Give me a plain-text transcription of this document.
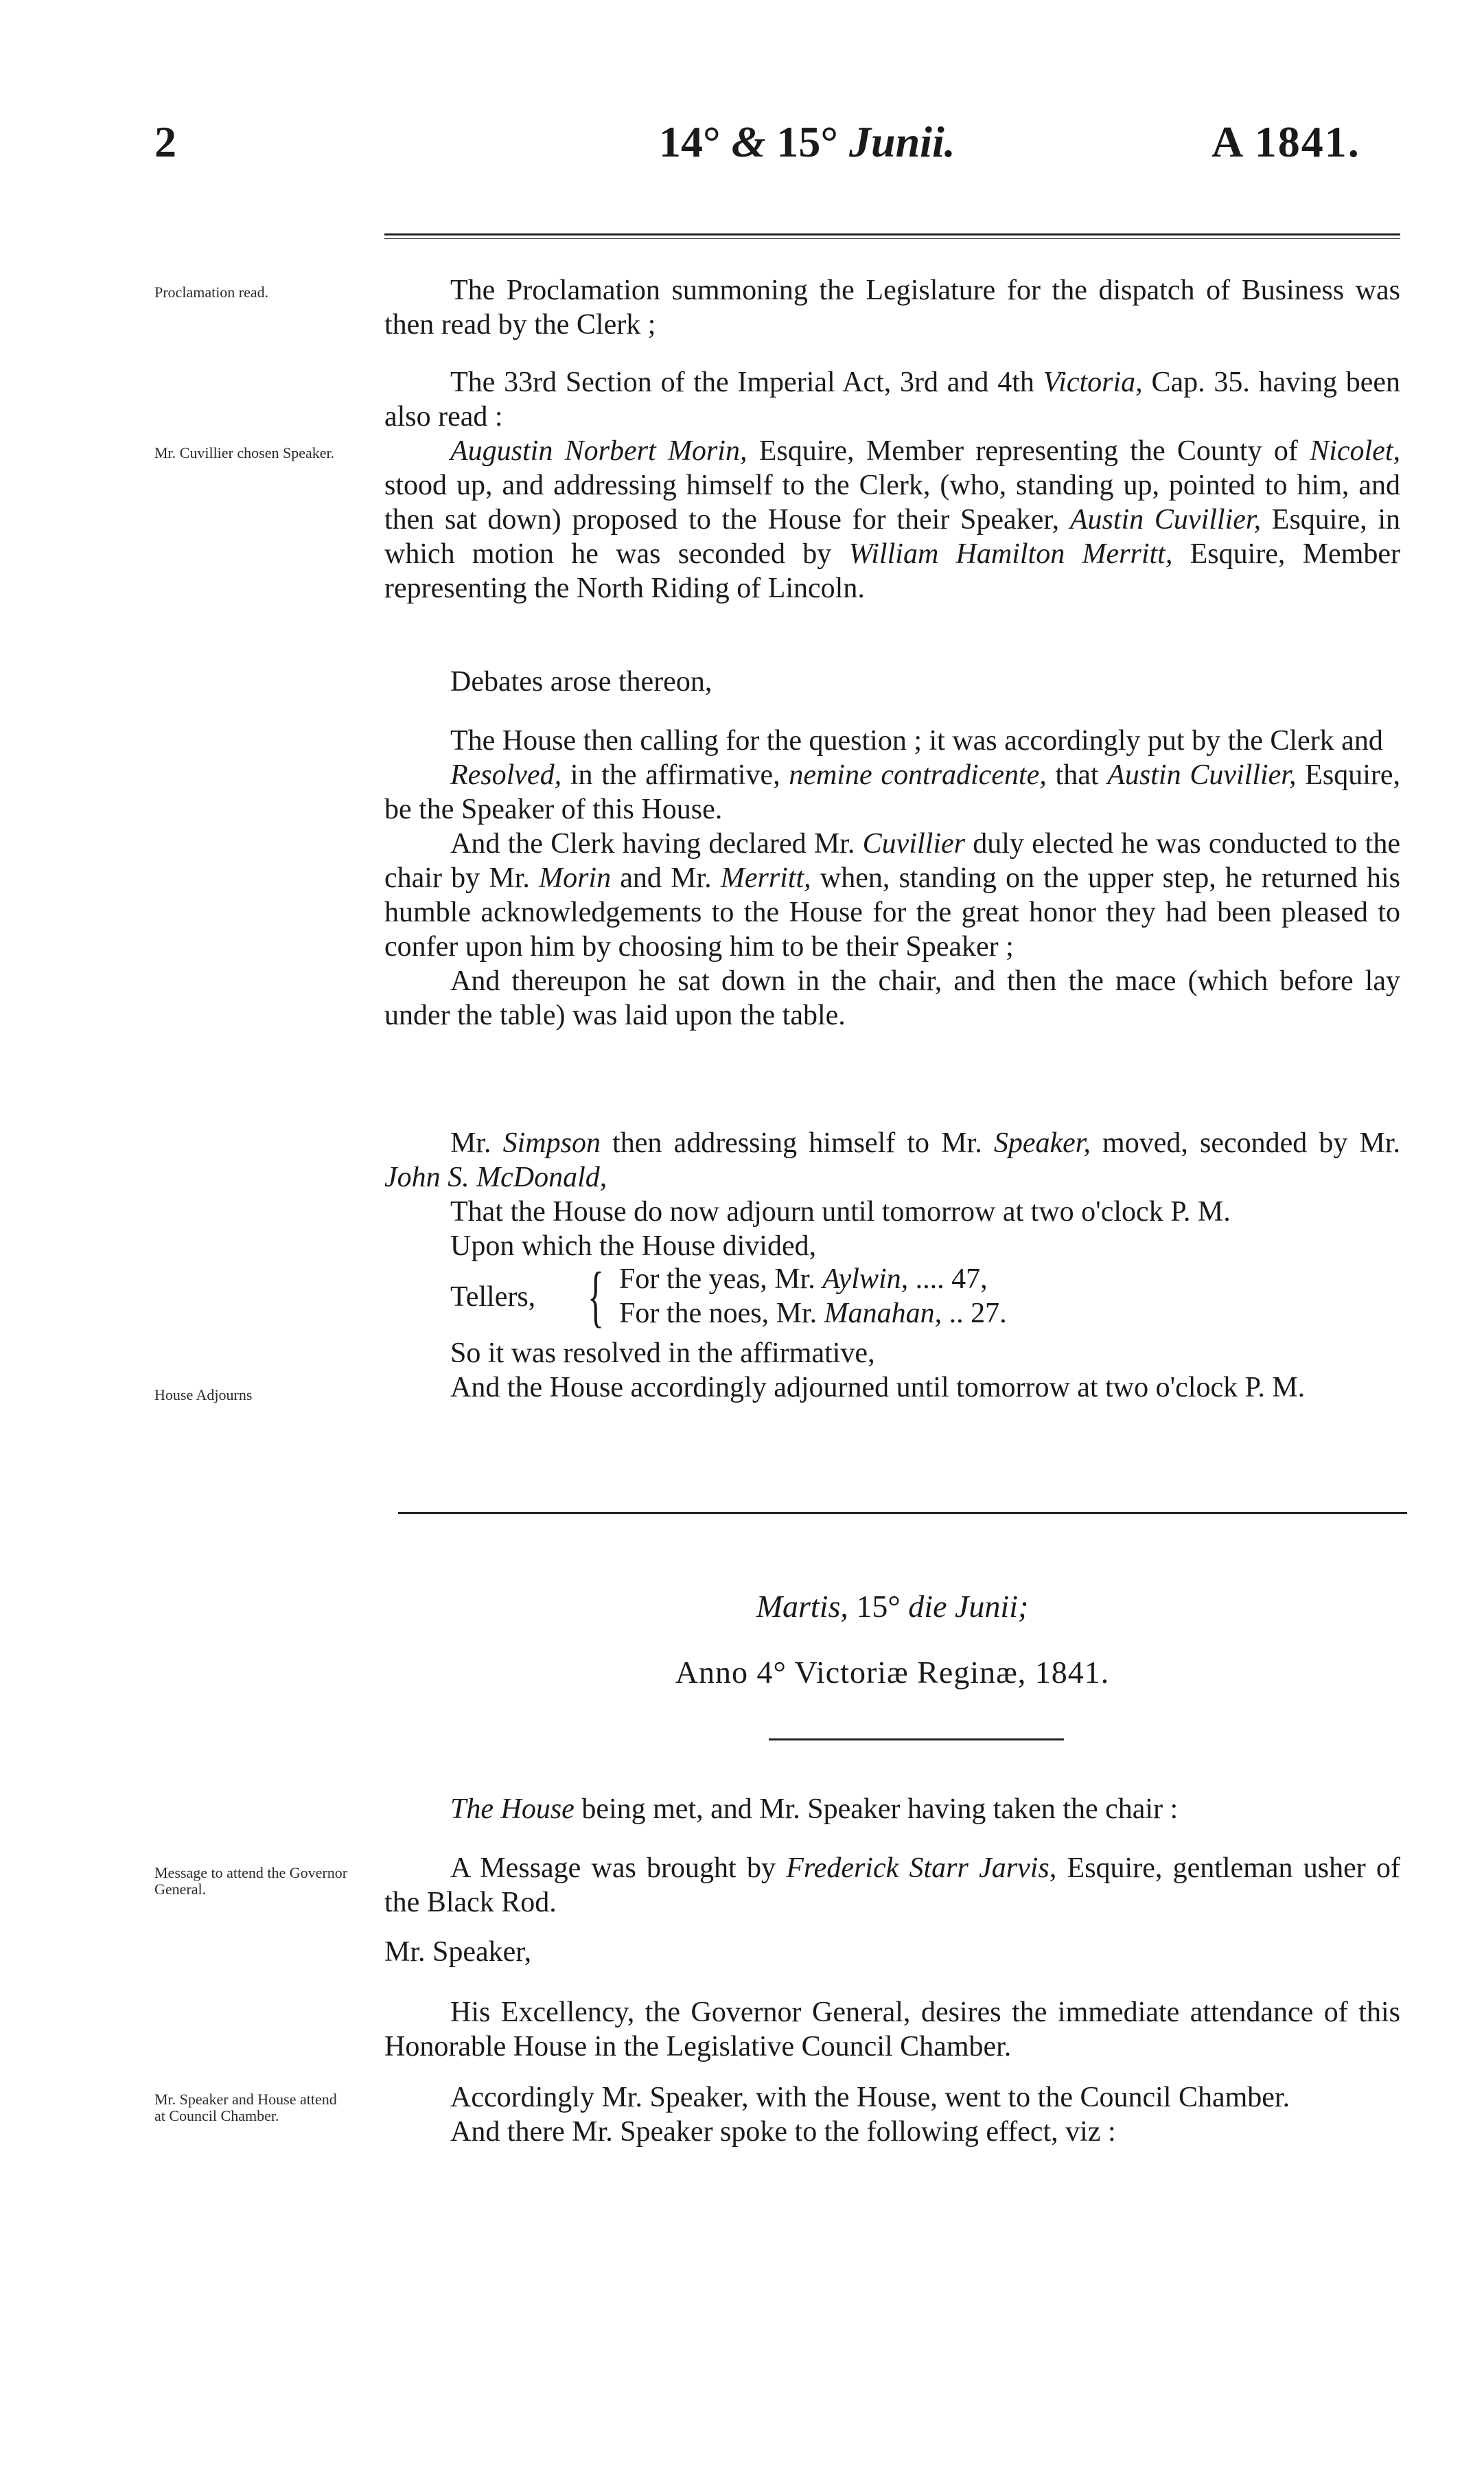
2	14° & 15° Junii.	A 1841.
Proclamation read.
Mr. Cuvillier chosen Speaker.
House Adjourns
Message to attend the Governor General.
Mr. Speaker and House attend at Council Chamber.

The Proclamation summoning the Legislature for the dispatch of Business was then read by the Clerk ;

The 33rd Section of the Imperial Act, 3rd and 4th Victoria, Cap. 35. having been also read :

Augustin Norbert Morin, Esquire, Member representing the County of Nicolet, stood up, and addressing himself to the Clerk, (who, standing up, pointed to him, and then sat down) proposed to the House for their Speaker, Austin Cuvillier, Esquire, in which motion he was seconded by William Hamilton Merritt, Esquire, Member representing the North Riding of Lincoln.

Debates arose thereon,

The House then calling for the question ; it was accordingly put by the Clerk and

Resolved, in the affirmative, nemine contradicente, that Austin Cuvillier, Esquire, be the Speaker of this House.

And the Clerk having declared Mr. Cuvillier duly elected he was conducted to the chair by Mr. Morin and Mr. Merritt, when, standing on the upper step, he returned his humble acknowledgements to the House for the great honor they had been pleased to confer upon him by choosing him to be their Speaker ;

And thereupon he sat down in the chair, and then the mace (which before lay under the table) was laid upon the table.

Mr. Simpson then addressing himself to Mr. Speaker, moved, seconded by Mr. John S. McDonald,

That the House do now adjourn until tomorrow at two o'clock P. M.

Upon which the House divided,

Tellers, { For the yeas, Mr. Aylwin, .... 47,
For the noes, Mr. Manahan, .. 27.

So it was resolved in the affirmative,

And the House accordingly adjourned until tomorrow at two o'clock P. M.

Martis, 15° die Junii;
Anno 4° Victoriæ Reginæ, 1841.

The House being met, and Mr. Speaker having taken the chair :

A Message was brought by Frederick Starr Jarvis, Esquire, gentleman usher of the Black Rod.

Mr. Speaker,

His Excellency, the Governor General, desires the immediate attendance of this Honorable House in the Legislative Council Chamber.

Accordingly Mr. Speaker, with the House, went to the Council Chamber.

And there Mr. Speaker spoke to the following effect, viz :
